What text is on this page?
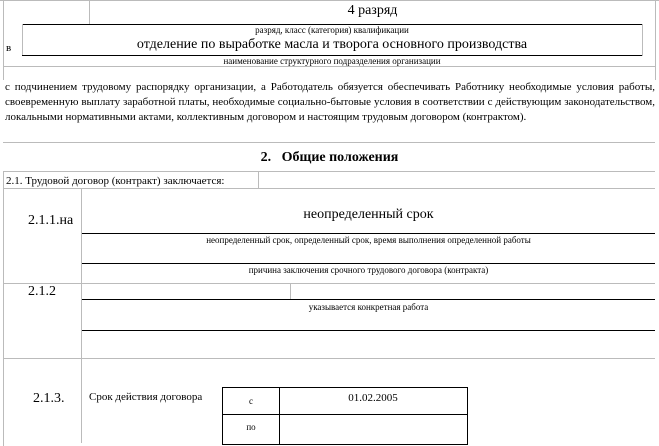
4 разряд
разряд, класс (категория) квалификации
в	отделение по выработке масла и творога основного производства
наименование структурного подразделения организации
с подчинением трудовому распорядку организации, а Работодатель обязуется обеспечивать Работнику необходимые условия работы, своевременную выплату заработной платы, необходимые социально-бытовые условия в соответствии с действующим законодательством, локальными нормативными актами, коллективным договором и настоящим трудовым договором (контрактом).
2. Общие положения
2.1. Трудовой договор (контракт) заключается:
2.1.1.на	неопределенный срок
неопределенный срок, определенный срок, время выполнения определенной работы
причина заключения срочного трудового договора (контракта)
2.1.2
указывается конкретная работа
2.1.3. Срок действия договора	с	01.02.2005
по
